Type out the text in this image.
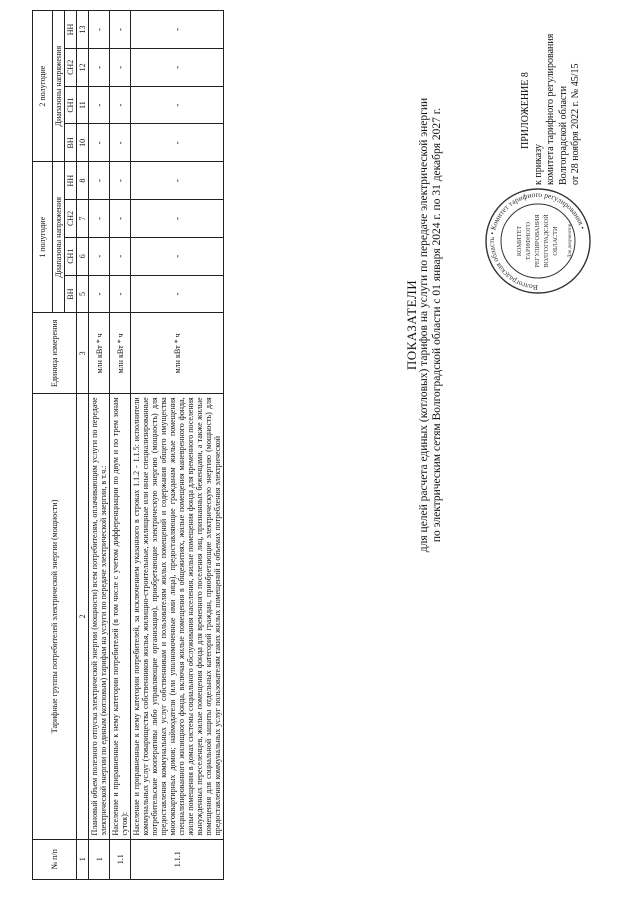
ПРИЛОЖЕНИЕ 8
к приказу комитета тарифного регулирования Волгоградской области от 28 ноября 2022 г. № 45/15
Волгоградская область • Комитет тарифного регулирования •
КОМИТЕТ ТАРИФНОГО РЕГУЛИРОВАНИЯ ВОЛГОГРАДСКОЙ ОБЛАСТИ Для документов
ПОКАЗАТЕЛИ для целей расчета единых (котловых) тарифов на услуги по передаче электрической энергии по электрическим сетям Волгоградской области с 01 января 2024 г. по 31 декабря 2027 г.
№ п/п	Тарифные группы потребителей электрической энергии (мощности)	Единица измерения	1 полугодие				2 полугодие			
			Диапазоны напряжения				Диапазоны напряжения			
			ВН	СН1	СН2	НН	ВН	СН1	СН2	НН
1	2	3	5	6	7	8	10	11	12	13
1	Плановый объем полезного отпуска электрической энергии (мощности) всем потребителям, оплачивающим услуги по передаче электрической энергии по единым (котловым) тарифам на услуги по передаче электрической энергии, в т.ч.:	млн кВт * ч	-	-	-	-	-	-	-	-
1.1	Население и приравненные к нему категории потребителей (в том числе с учетом дифференциации по двум и по трем зонам суток):	млн кВт * ч	-	-	-	-	-	-	-	-
1.1.1	Население и приравненные к нему категории потребителей, за исключением указанного в строках 1.1.2 - 1.1.5: исполнители коммунальных услуг (товарищества собственников жилья, жилищно-строительные, жилищные или иные специализированные потребительские кооперативы либо управляющие организации), приобретающие электрическую энергию (мощность) для предоставления коммунальных услуг собственникам и пользователям жилых помещений и содержания общего имущества многоквартирных домов; наймодатели (или уполномоченные ими лица), предоставляющие гражданам жилые помещения специализированного жилищного фонда, включая жилые помещения в общежитиях, жилые помещения маневренного фонда, жилые помещения в домах системы социального обслуживания населения, жилые помещения фонда для временного поселения вынужденных переселенцев, жилые помещения фонда для временного поселения лиц, признанных беженцами, а также жилые помещения для социальной защиты отдельных категорий граждан, приобретающие электрическую энергию (мощность) для предоставления коммунальных услуг пользователям таких жилых помещений в объемах потребления электрической	млн кВт * ч	-	-	-	-	-	-	-	-
